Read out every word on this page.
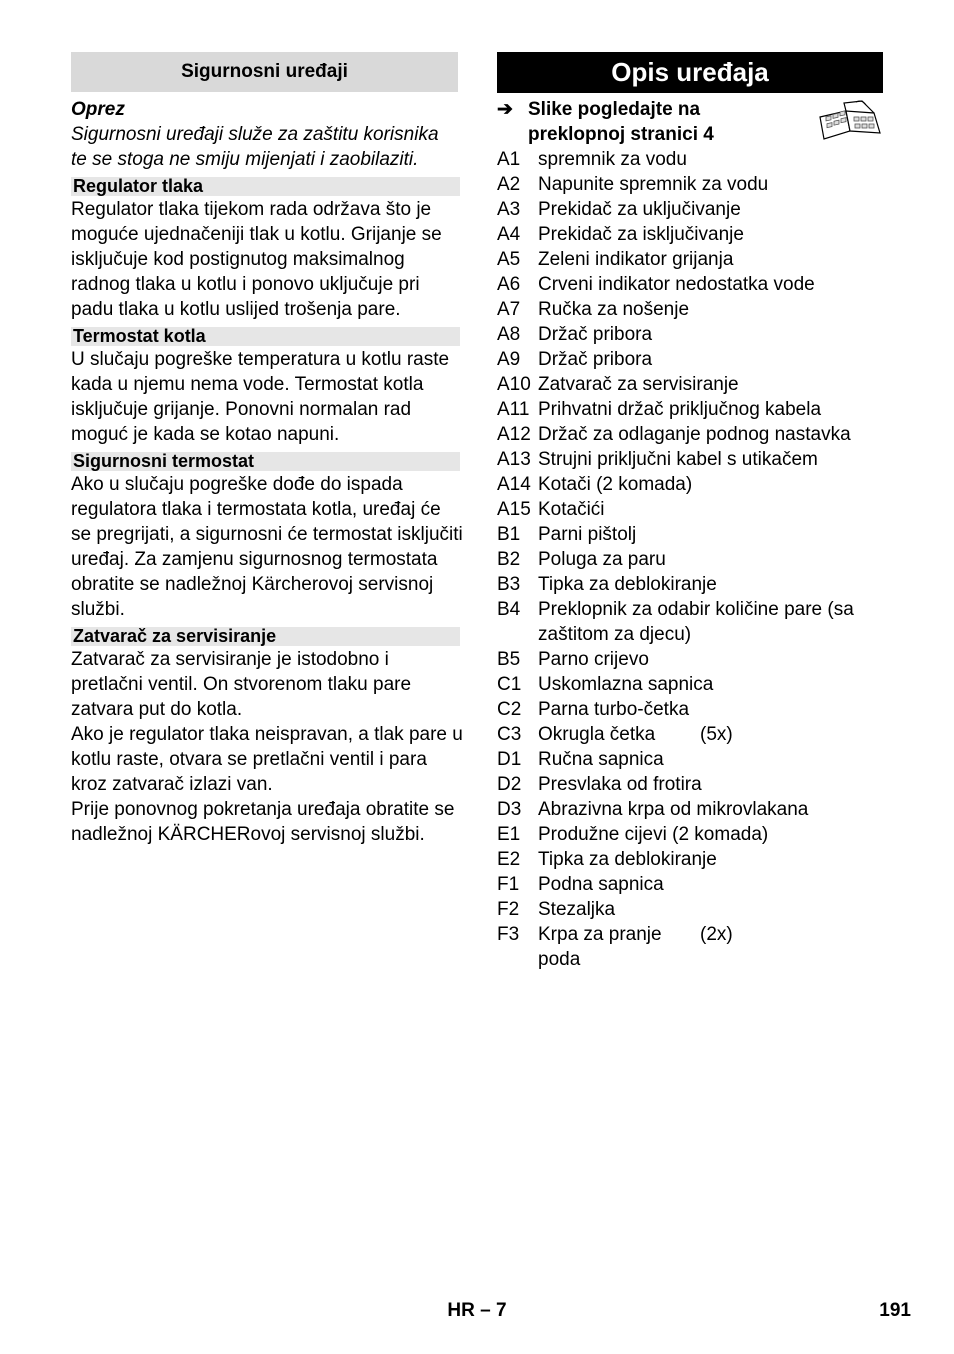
Sigurnosni uređaji
Oprez
Sigurnosni uređaji služe za zaštitu korisnika te se stoga ne smiju mijenjati i zaobilaziti.
Regulator tlaka
Regulator tlaka tijekom rada održava što je moguće ujednačeniji tlak u kotlu. Grijanje se isključuje kod postignutog maksimalnog radnog tlaka u kotlu i ponovo uključuje pri padu tlaka u kotlu uslijed trošenja pare.
Termostat kotla
U slučaju pogreške temperatura u kotlu raste kada u njemu nema vode. Termostat kotla isključuje grijanje. Ponovni normalan rad moguć je kada se kotao napuni.
Sigurnosni termostat
Ako u slučaju pogreške dođe do ispada regulatora tlaka i termostata kotla, uređaj će se pregrijati, a sigurnosni će termostat isključiti uređaj. Za zamjenu sigurnosnog termostata obratite se nadležnoj Kärcherovoj servisnoj službi.
Zatvarač za servisiranje
Zatvarač za servisiranje je istodobno i pretlačni ventil. On stvorenom tlaku pare zatvara put do kotla.
Ako je regulator tlaka neispravan, a tlak pare u kotlu raste, otvara se pretlačni ventil i para kroz zatvarač izlazi van.
Prije ponovnog pokretanja uređaja obratite se nadležnoj KÄRCHERovoj servisnoj službi.
Opis uređaja
➔ Slike pogledajte na preklopnoj stranici 4
A1 spremnik za vodu
A2 Napunite spremnik za vodu
A3 Prekidač za uključivanje
A4 Prekidač za isključivanje
A5 Zeleni indikator grijanja
A6 Crveni indikator nedostatka vode
A7 Ručka za nošenje
A8 Držač pribora
A9 Držač pribora
A10 Zatvarač za servisiranje
A11 Prihvatni držač priključnog kabela
A12 Držač za odlaganje podnog nastavka
A13 Strujni priključni kabel s utikačem
A14 Kotači (2 komada)
A15 Kotačići
B1 Parni pištolj
B2 Poluga za paru
B3 Tipka za deblokiranje
B4 Preklopnik za odabir količine pare (sa zaštitom za djecu)
B5 Parno crijevo
C1 Uskomlazna sapnica
C2 Parna turbo-četka
C3 Okrugla četka	(5x)
D1 Ručna sapnica
D2 Presvlaka od frotira
D3 Abrazivna krpa od mikrovlakana
E1 Produžne cijevi (2 komada)
E2 Tipka za deblokiranje
F1 Podna sapnica
F2 Stezaljka
F3 Krpa za pranje poda
(2x)
HR – 7	191
